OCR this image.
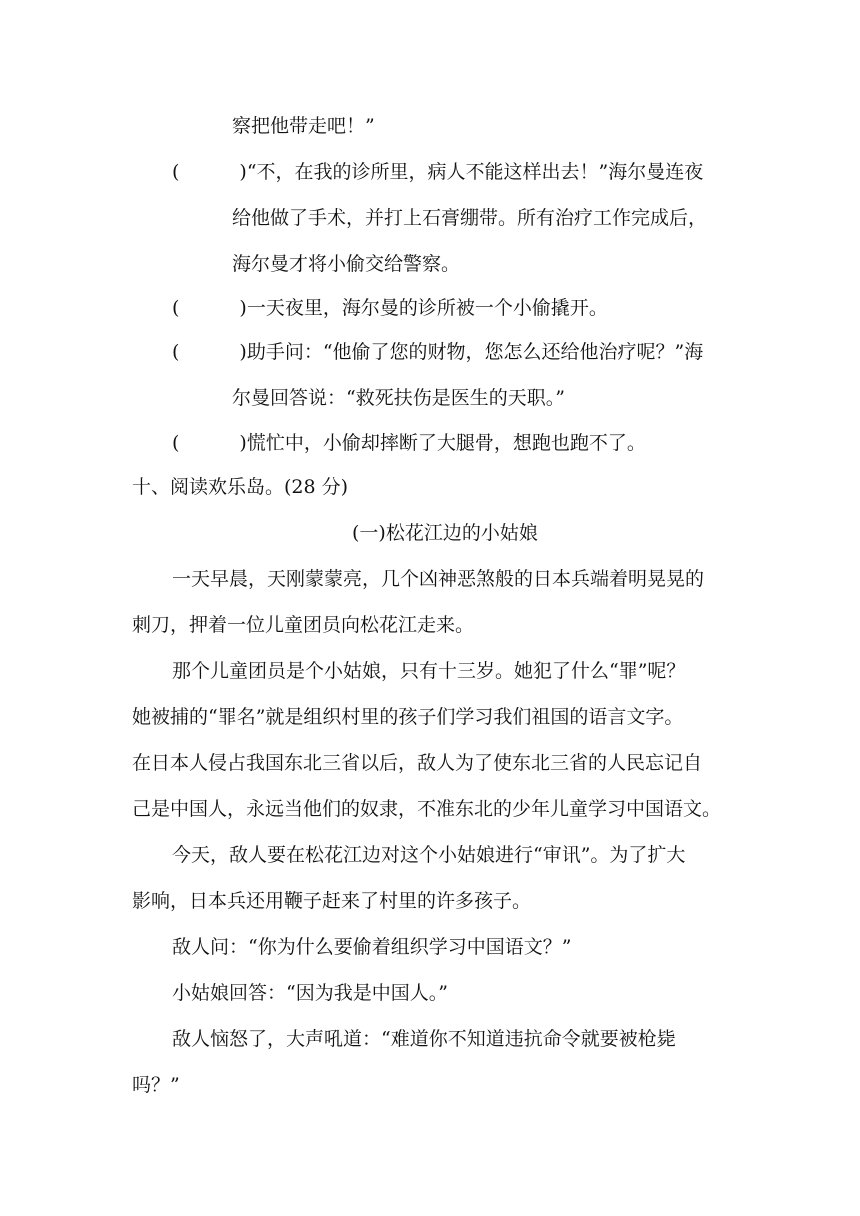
察把他带走吧！”
(	)“不，在我的诊所里，病人不能这样出去！”海尔曼连夜
给他做了手术，并打上石膏绷带。所有治疗工作完成后，
海尔曼才将小偷交给警察。
(	)一天夜里，海尔曼的诊所被一个小偷撬开。
(	)助手问：“他偷了您的财物，您怎么还给他治疗呢？”海
尔曼回答说：“救死扶伤是医生的天职。”
(	)慌忙中，小偷却摔断了大腿骨，想跑也跑不了。
十、阅读欢乐岛。(28 分)
(一)松花江边的小姑娘
一天早晨，天刚蒙蒙亮，几个凶神恶煞般的日本兵端着明晃晃的
刺刀，押着一位儿童团员向松花江走来。
那个儿童团员是个小姑娘，只有十三岁。她犯了什么“罪”呢？
她被捕的“罪名”就是组织村里的孩子们学习我们祖国的语言文字。
在日本人侵占我国东北三省以后，敌人为了使东北三省的人民忘记自
己是中国人，永远当他们的奴隶，不准东北的少年儿童学习中国语文。
今天，敌人要在松花江边对这个小姑娘进行“审讯”。为了扩大
影响，日本兵还用鞭子赶来了村里的许多孩子。
敌人问：“你为什么要偷着组织学习中国语文？”
小姑娘回答：“因为我是中国人。”
敌人恼怒了，大声吼道：“难道你不知道违抗命令就要被枪毙
吗？”
